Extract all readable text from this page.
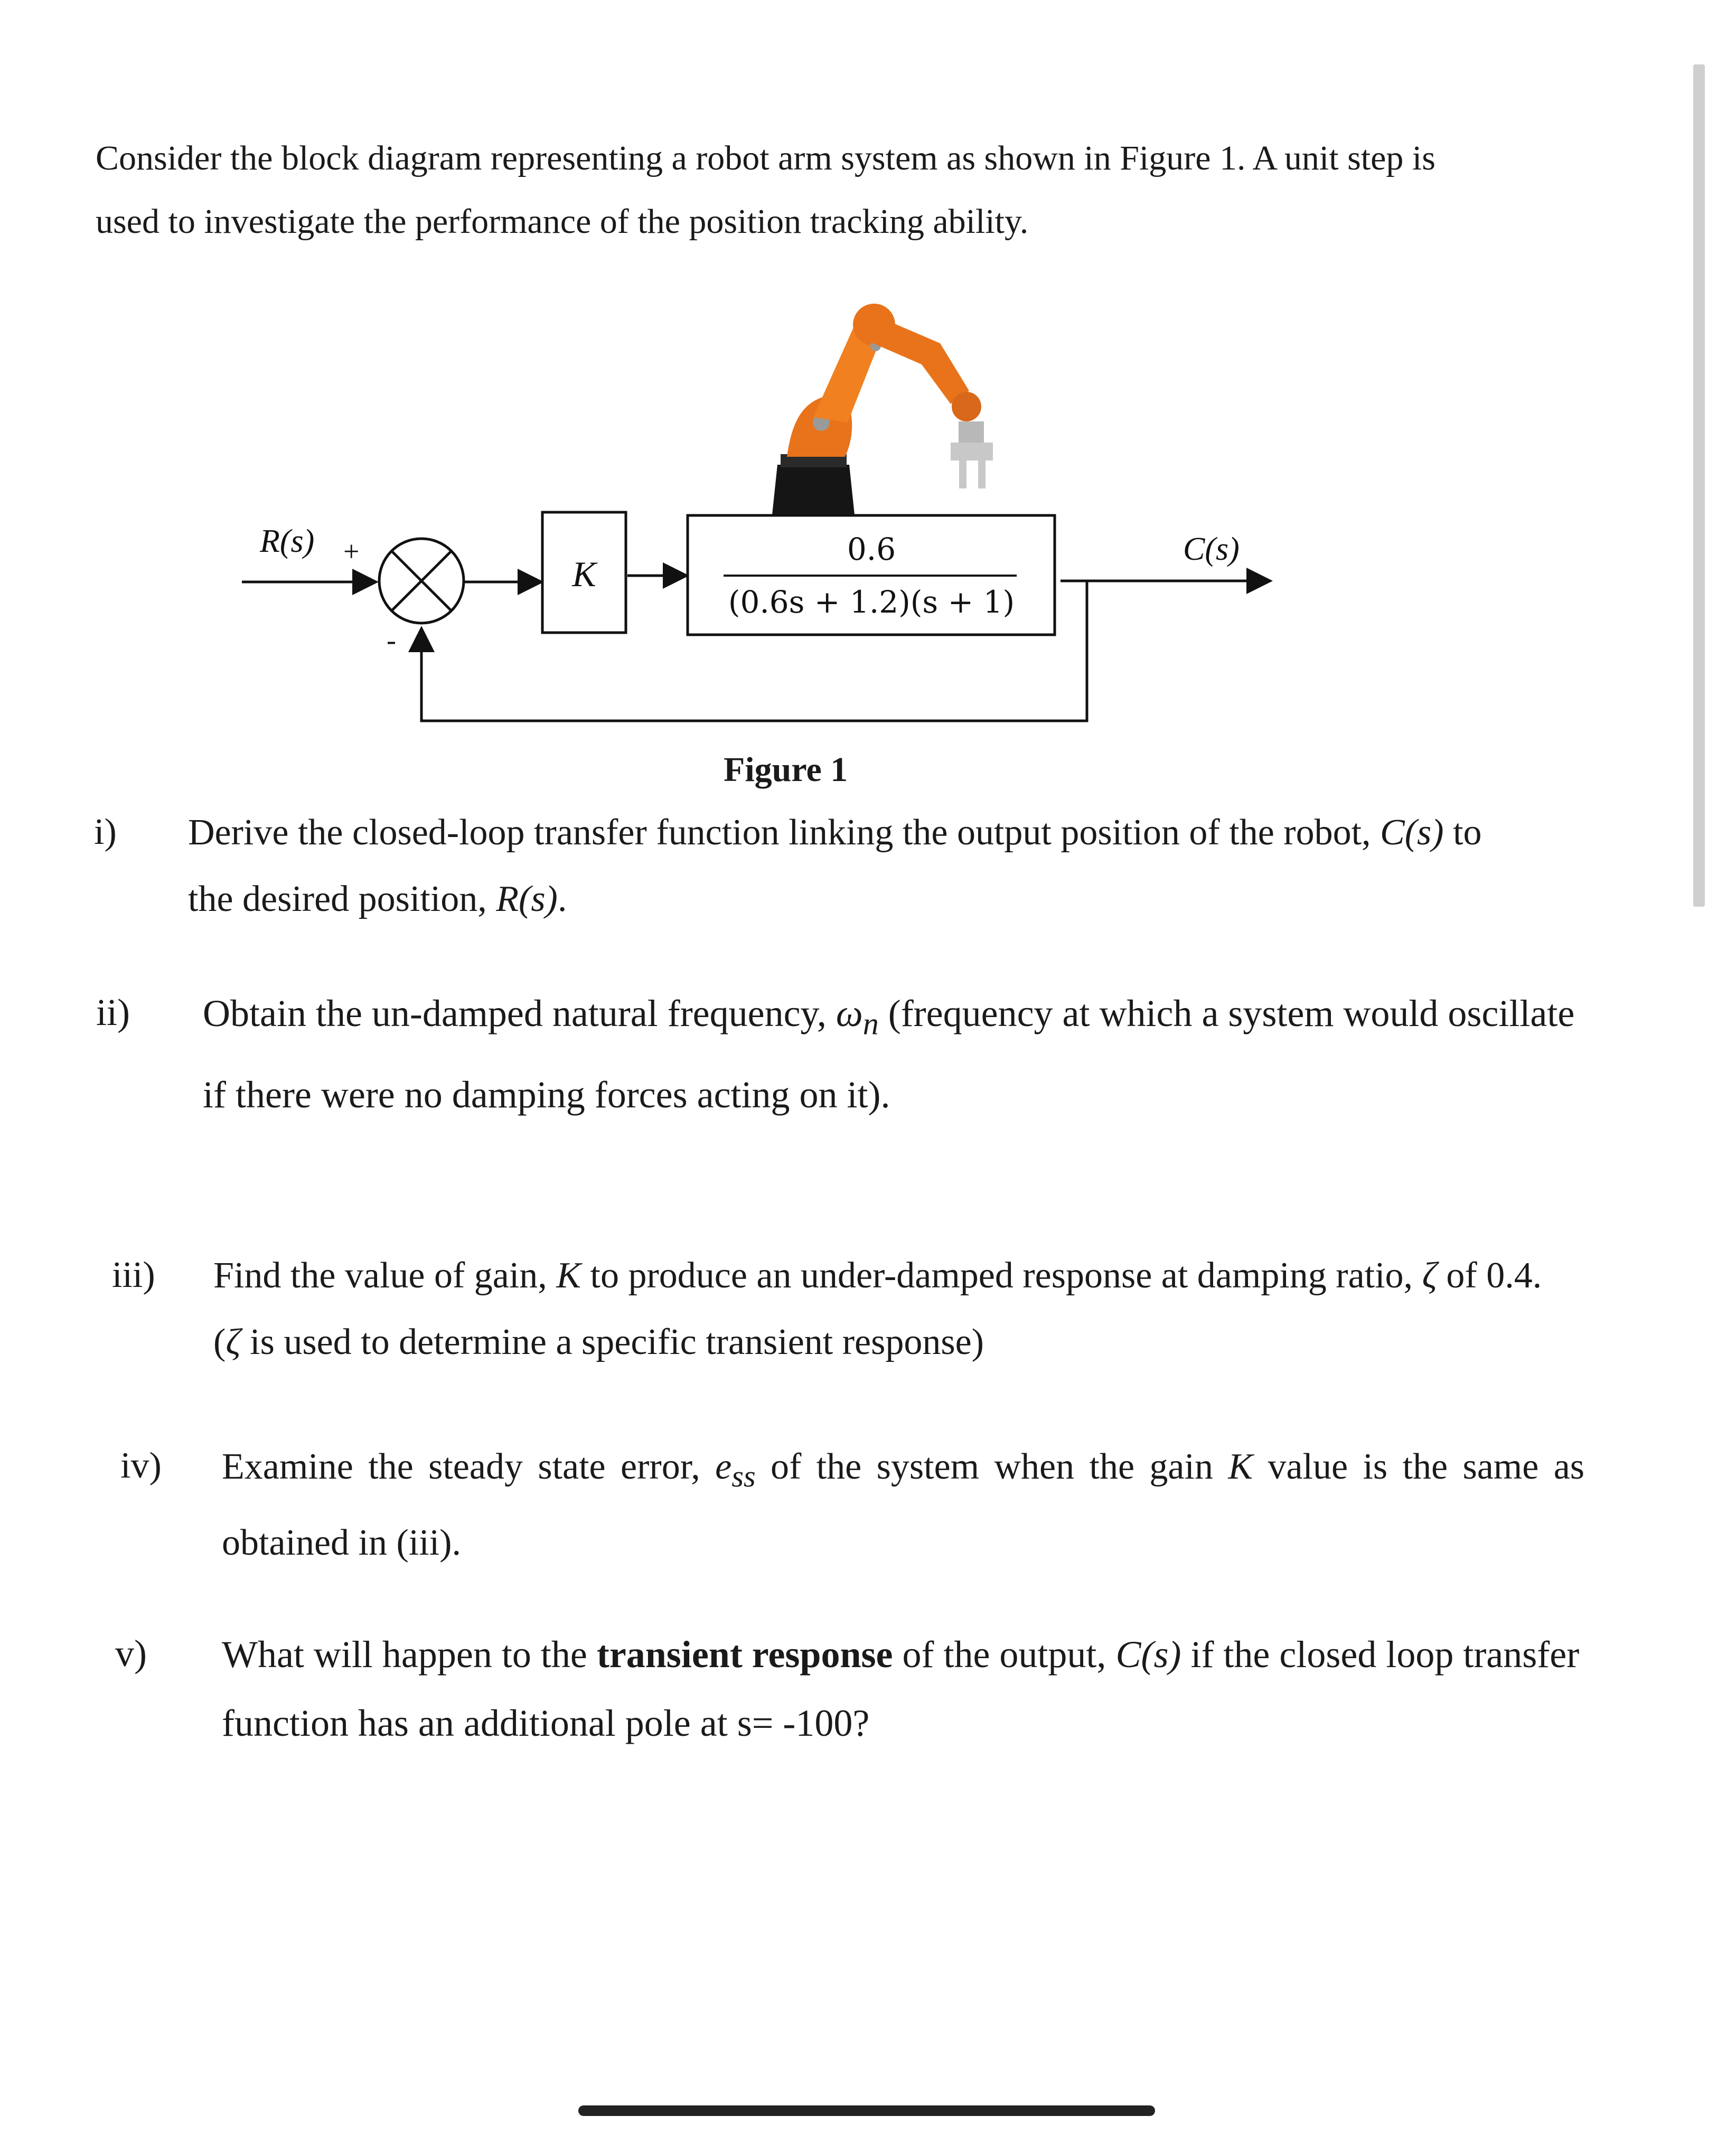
Consider the block diagram representing a robot arm system as shown in Figure 1. A unit step is
used to investigate the performance of the position tracking ability.

R(s) +
-
K
0.6
(0.6s + 1.2)(s + 1)
C(s)

Figure 1

i) Derive the closed-loop transfer function linking the output position of the robot, C(s) to
the desired position, R(s).
ii) Obtain the un-damped natural frequency, $\omega_n$ (frequency at which a system would oscillate
if there were no damping forces acting on it).
iii) Find the value of gain, K to produce an under-damped response at damping ratio, ζ of 0.4.
(ζ is used to determine a specific transient response)
iv) Examine the steady state error, $e_{ss}$ of the system when the gain K value is the same as
obtained in (iii).
v) What will happen to the transient response of the output, C(s) if the closed loop transfer
function has an additional pole at s= -100?
